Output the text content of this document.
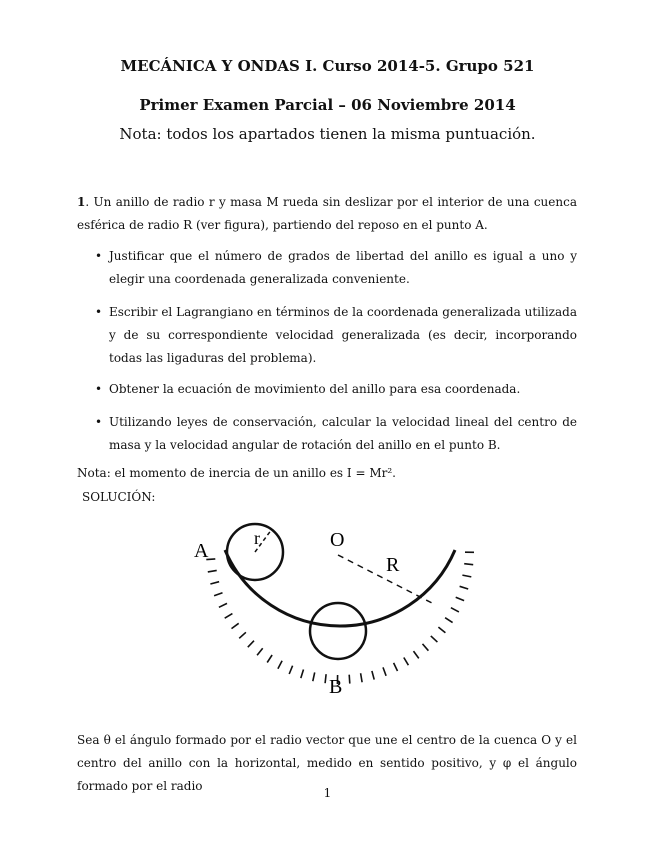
MECÁNICA Y ONDAS I. Curso 2014-5. Grupo 521
Primer Examen Parcial – 06 Noviembre 2014
Nota: todos los apartados tienen la misma puntuación.
1. Un anillo de radio r y masa M rueda sin deslizar por el interior de una cuenca esférica de radio R (ver figura), partiendo del reposo en el punto A.
• Justificar que el número de grados de libertad del anillo es igual a uno y elegir una coordenada generalizada conveniente.
• Escribir el Lagrangiano en términos de la coordenada generalizada utilizada y de su correspondiente velocidad generalizada (es decir, incorporando todas las ligaduras del problema).
• Obtener la ecuación de movimiento del anillo para esa coordenada.
• Utilizando leyes de conservación, calcular la velocidad lineal del centro de masa y la velocidad angular de rotación del anillo en el punto B.
Nota: el momento de inercia de un anillo es I = Mr².
SOLUCIÓN:
A
r	O
R
B
Sea θ el ángulo formado por el radio vector que une el centro de la cuenca O y el centro del anillo con la horizontal, medido en sentido positivo, y φ el ángulo formado por el radio	1
